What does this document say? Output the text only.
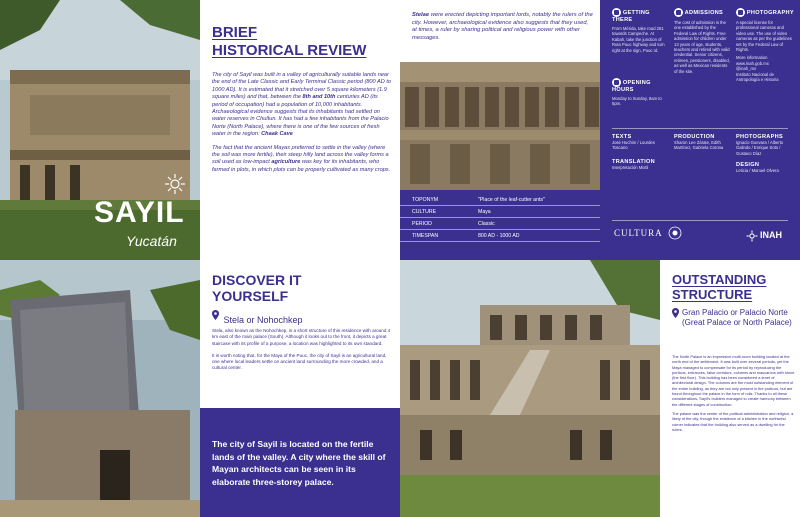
SAYIL
Yucatán

BRIEF

HISTORICAL REVIEW

The city of Sayil was built in a valley of agriculturally suitable lands near the end of the Late Classic and Early Terminal Classic period (800 AD to 1000 AD). It is estimated that it stretched over 5 square kilometers (1.9 square miles) and that, between the 8th and 10th centuries AD (its period of occupation) had a population of 10,000 inhabitants. Archaeological evidence suggests that its inhabitants had settled on water reserves in Chultun. It has had a few inhabitants from the Palacio Norte (North Palace), where there is one of the few sources of fresh water in the region: Chaak Cave

The fact that the ancient Mayas preferred to settle in the valley (where the soil was more fertile), their steep hilly land across the valley forms a soil used as low-impact agriculture was key for its inhabitants, who farmed in plots, in which plots can be properly cultivated as many crops.

Stelae were erected depicting important lords, notably the rulers of the city. However, archaeological evidence also suggests that they used, at times, a ruler by sharing political and religious power with other messages.

TOPONYM	"Place of the leaf-cutter ants"
CULTURE	Maya
PERIOD	Classic
TIMESPAN	800 AD - 1000 AD
GETTING THERE
From Mérida, take road 261 towards Campeche. At Kabah, take the junction of Ruta Puuc highway and turn right at the sign, Puuc rd.
ADMISSIONS
The cost of admission is the one established by the Federal Law of Rights. Free admission for children under 13 years of age, students, teachers and retired with valid credential. Senior citizens, retirees, pensioners, disabled, as well as Mexican residents of the site.
PHOTOGRAPHY
A special license for professional cameras and video use. The use of video cameras as per the guidelines set by the Federal Law of Rights.
More information www.inah.gob.mx
@inah_mx
Instituto Nacional de Antropología e Historia
OPENING HOURS
Monday to Sunday, 8am to 5pm.
TEXTS
José Huchim / Lourdes Toscano
TRANSLATION
Interpretación Mixtli
PRODUCTION
Sharon Lee Zárate, Edith Martínez, Gabriela Corona
PHOTOGRAPHS
Ignacio Guevara / Alberto Galindo / Enrique Soto / Gustavo Díaz
DESIGN
Leticia / Manuel Olvera
CULTURA	INAH

DISCOVER IT

YOURSELF

Stela or Nohochkep

Stela, also known as the Nohochkep, is a short structure of this residence with around 4 km east of the main palace (South). Although it looks out to the front, it depicts a great staircase with its profile of a purpose, a location was highlighted to its own standard.

It is worth noting that, for the Maya of the Puuc, the city of Sayil is an agricultural land, one where local leaders settle on ancient land surrounding the more crowded, and a cultural center.

The city of Sayil is located on the fertile lands of the valley. A city where the skill of Mayan architects can be seen in its elaborate three-storey palace.

OUTSTANDING

STRUCTURE

Gran Palacio or Palacio Norte (Great Palace or North Palace)

The North Palace is an impressive multi-room building located at the north end of the settlement. It was built over several periods, yet the Maya managed to compensate for its period by reproducing the porticos, entrances, false corridors, columns and mascarons with stone (the first floor). This building has been considered a tenet of architectural design. The columns are the most outstanding element of the entire building, as they are not only present in the porticos, but are found throughout the palace in the form of rolls. Thanks to all these considerations, Sayil's builders managed to create harmony between the different stages of construction.

The palace was the center of the political administration and religion, a likely of the city, though the existence of a kitchen in the northwest corner indicates that the building also served as a dwelling for the rulers.
